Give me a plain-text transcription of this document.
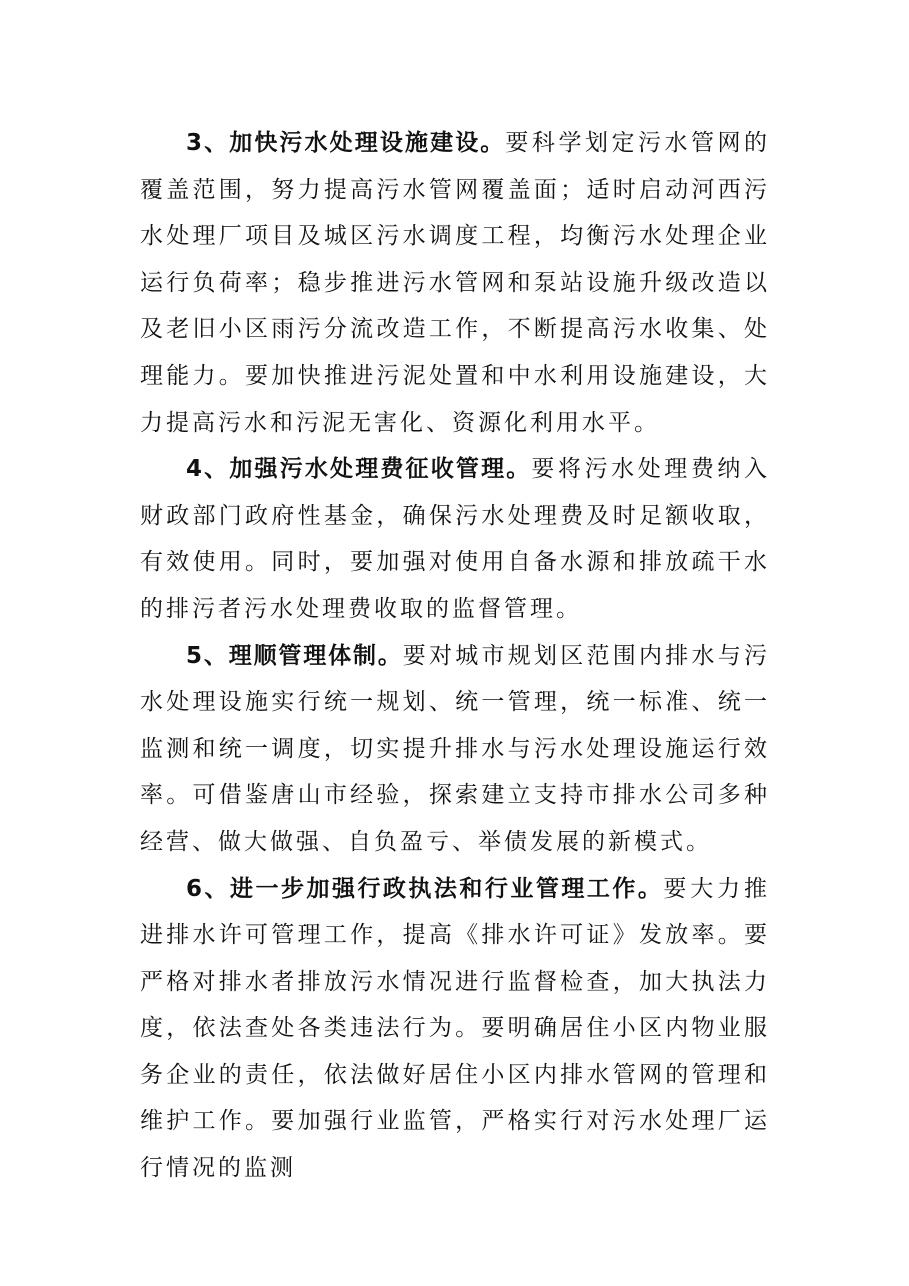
3、加快污水处理设施建设。要科学划定污水管网的覆盖范围，努力提高污水管网覆盖面；适时启动河西污水处理厂项目及城区污水调度工程，均衡污水处理企业运行负荷率；稳步推进污水管网和泵站设施升级改造以及老旧小区雨污分流改造工作，不断提高污水收集、处理能力。要加快推进污泥处置和中水利用设施建设，大力提高污水和污泥无害化、资源化利用水平。

4、加强污水处理费征收管理。要将污水处理费纳入财政部门政府性基金，确保污水处理费及时足额收取，有效使用。同时，要加强对使用自备水源和排放疏干水的排污者污水处理费收取的监督管理。

5、理顺管理体制。要对城市规划区范围内排水与污水处理设施实行统一规划、统一管理，统一标准、统一监测和统一调度，切实提升排水与污水处理设施运行效率。可借鉴唐山市经验，探索建立支持市排水公司多种经营、做大做强、自负盈亏、举债发展的新模式。

6、进一步加强行政执法和行业管理工作。要大力推进排水许可管理工作，提高《排水许可证》发放率。要严格对排水者排放污水情况进行监督检查，加大执法力度，依法查处各类违法行为。要明确居住小区内物业服务企业的责任，依法做好居住小区内排水管网的管理和维护工作。要加强行业监管，严格实行对污水处理厂运行情况的监测
